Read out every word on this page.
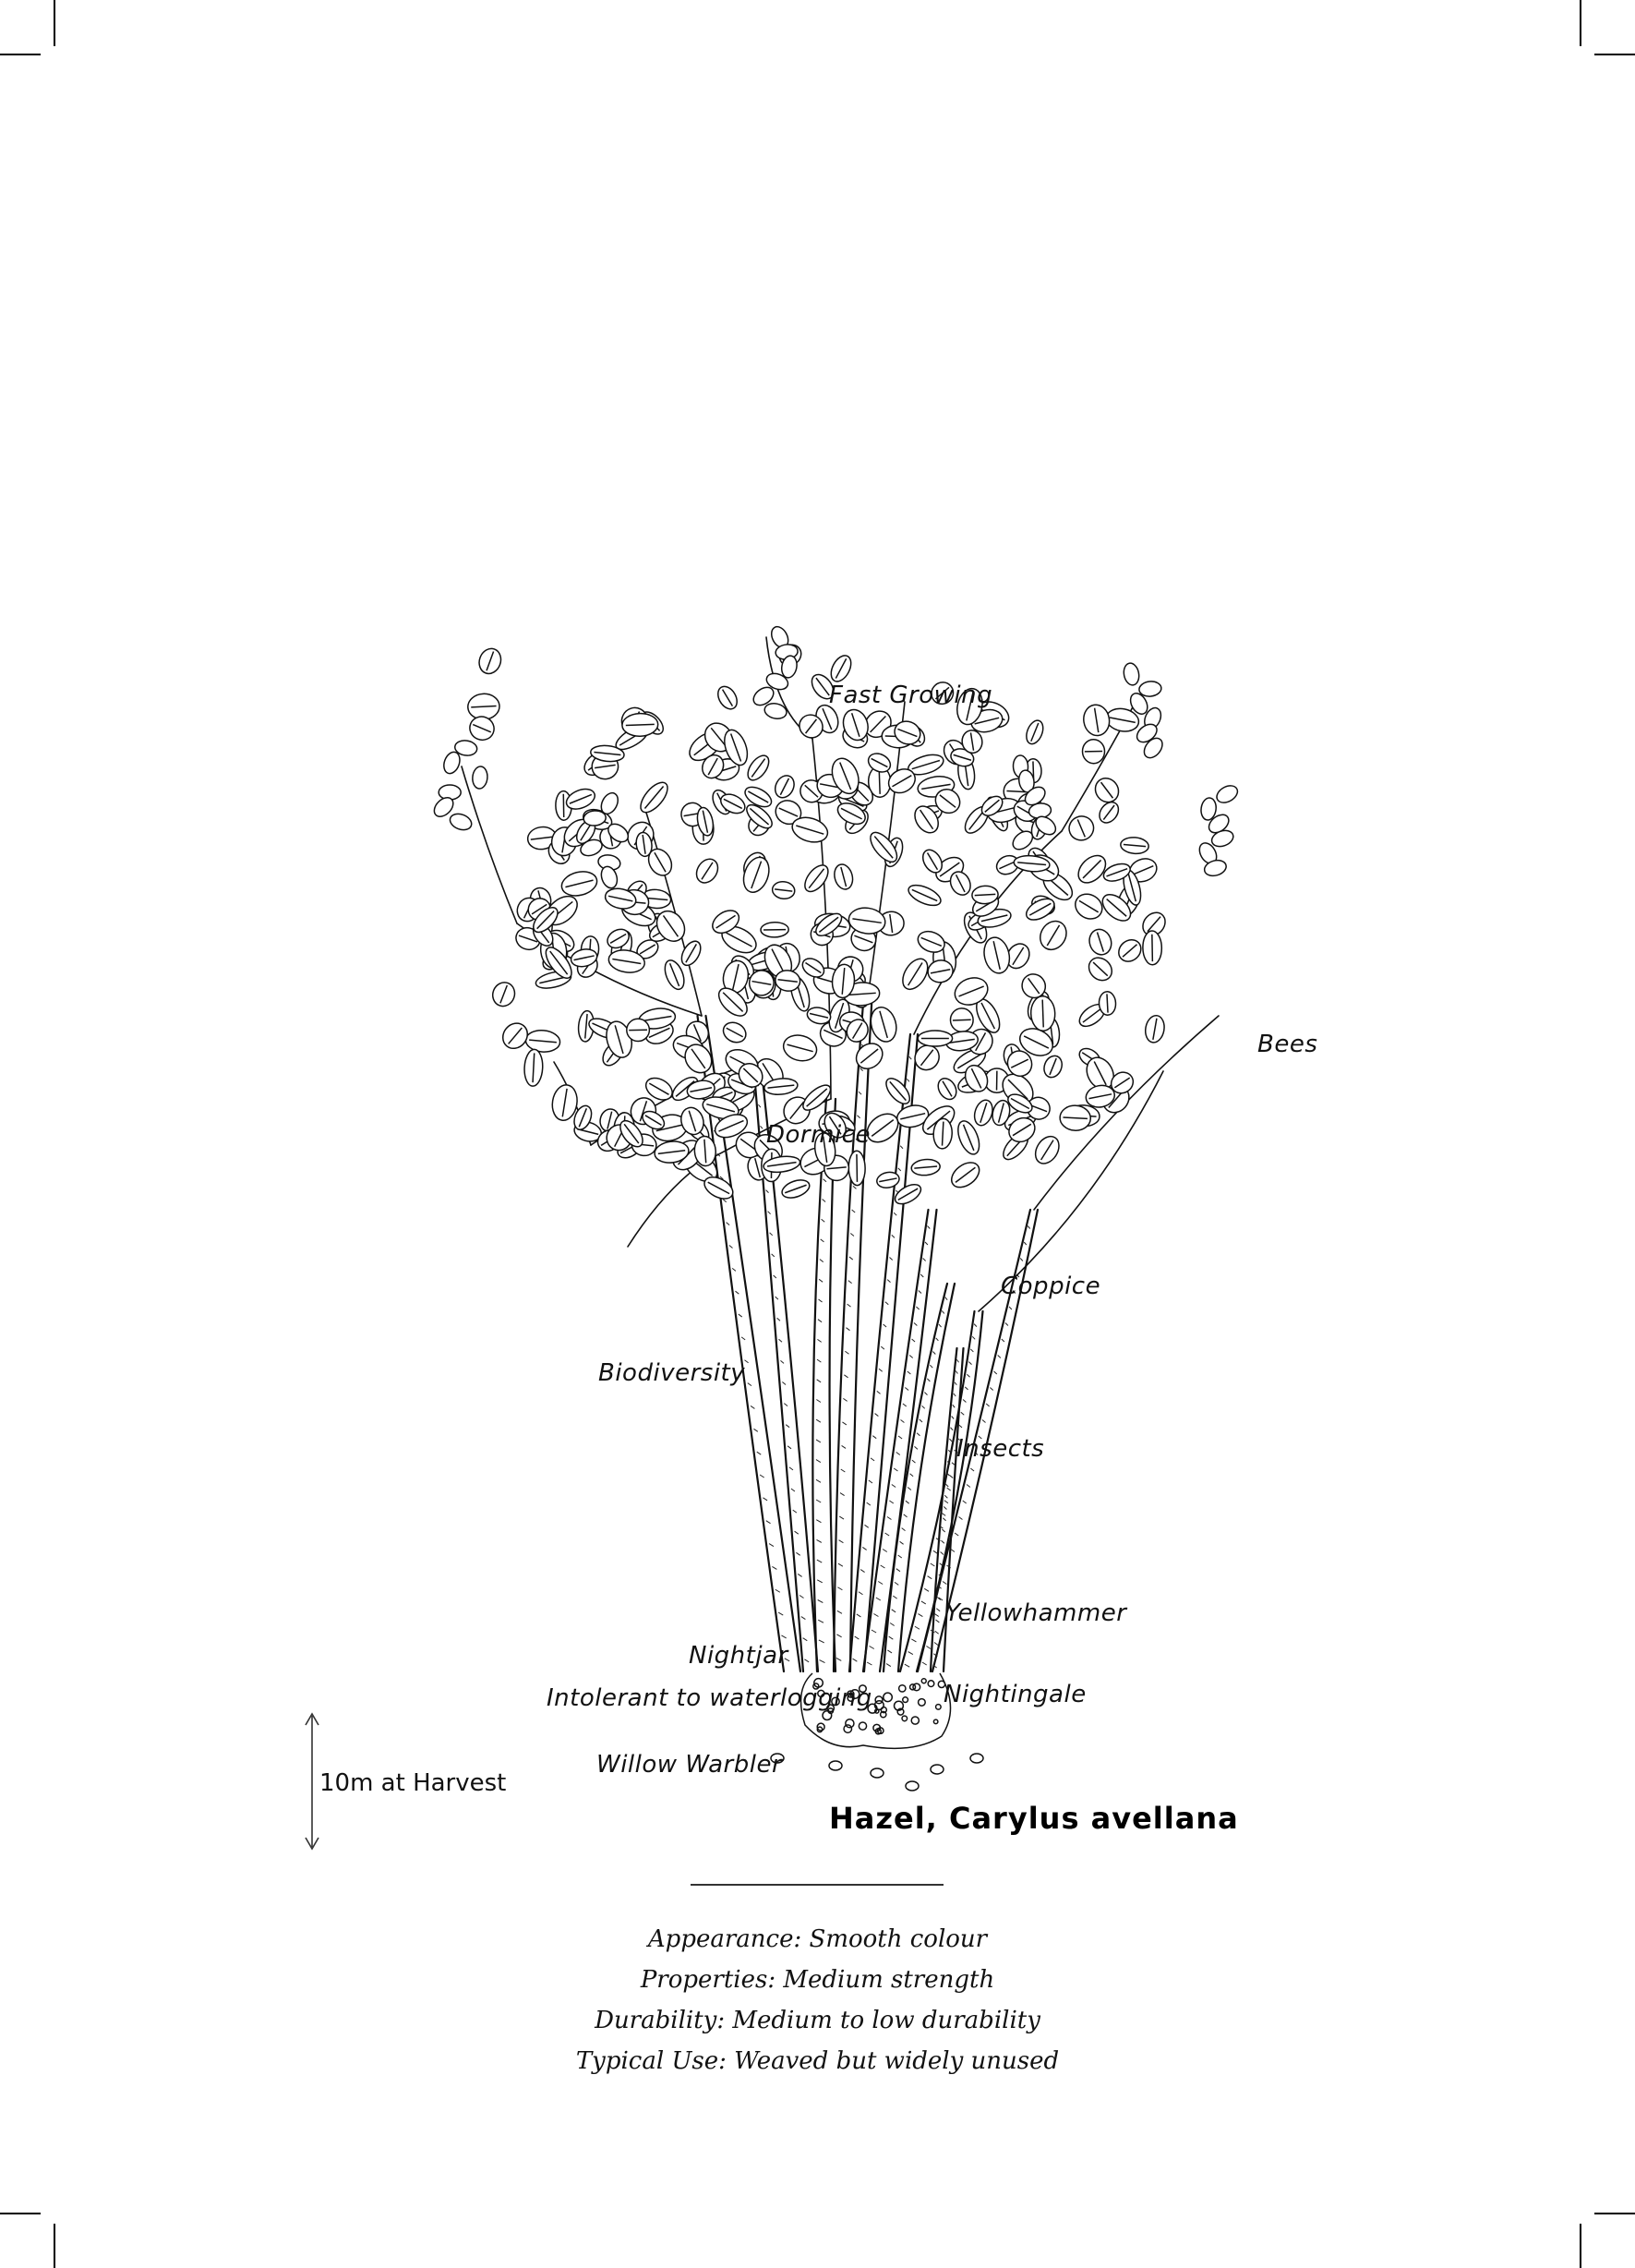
Fast Growing
Bees
Dormice
Coppice
Biodiversity
Insects
Yellowhammer
Nightjar
Intolerant to waterlogging	Nightingale
Willow Warbler
10m at Harvest
Hazel, Carylus avellana
Appearance: Smooth colour
Properties: Medium strength
Durability: Medium to low durability
Typical Use: Weaved but widely unused
